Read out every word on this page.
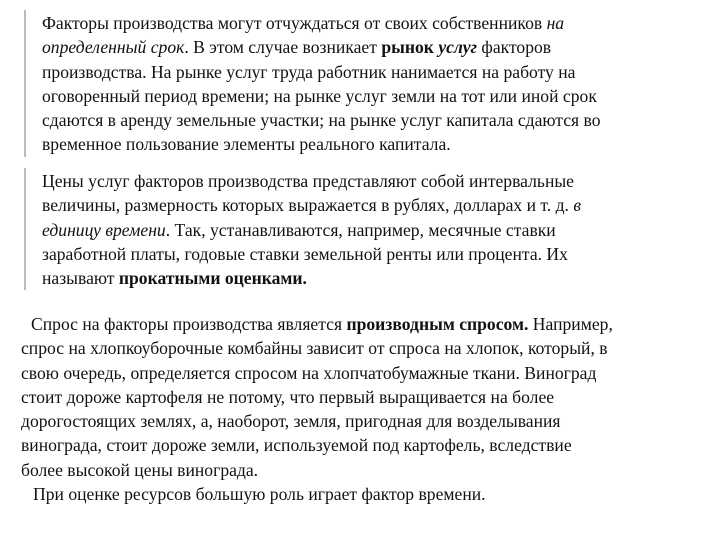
Факторы производства могут отчуждаться от своих собственников на
определенный срок. В этом случае возникает рынок услуг факторов
производства. На рынке услуг труда работник нанимается на работу на
оговоренный период времени; на рынке услуг земли на тот или иной срок
сдаются в аренду земельные участки; на рынке услуг капитала сдаются во
временное пользование элементы реального капитала.
Цены услуг факторов производства представляют собой интервальные
величины, размерность которых выражается в рублях, долларах и т. д. в
единицу времени. Так, устанавливаются, например, месячные ставки
заработной платы, годовые ставки земельной ренты или процента. Их
называют прокатными оценками.
Спрос на факторы производства является производным спросом. Например,
спрос на хлопкоуборочные комбайны зависит от спроса на хлопок, который, в
свою очередь, определяется спросом на хлопчатобумажные ткани. Виноград
стоит дороже картофеля не потому, что первый выращивается на более
дорогостоящих землях, а, наоборот, земля, пригодная для возделывания
винограда, стоит дороже земли, используемой под картофель, вследствие
более высокой цены винограда.
При оценке ресурсов большую роль играет фактор времени.
